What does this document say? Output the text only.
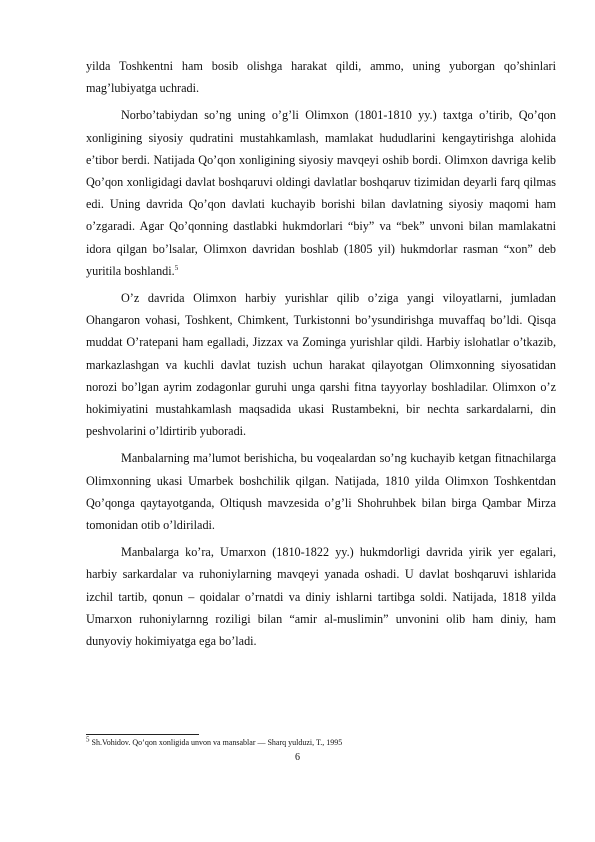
yilda Toshkentni ham bosib olishga harakat qildi, ammo, uning yuborgan qo’shinlari mag’lubiyatga uchradi.

Norbo’tabiydan so’ng uning o’g’li Olimxon (1801-1810 yy.) taxtga o’tirib, Qo’qon xonligining siyosiy qudratini mustahkamlash, mamlakat hududlarini kengaytirishga alohida e’tibor berdi. Natijada Qo’qon xonligining siyosiy mavqeyi oshib bordi. Olimxon davriga kelib Qo’qon xonligidagi davlat boshqaruvi oldingi davlatlar boshqaruv tizimidan deyarli farq qilmas edi. Uning davrida Qo’qon davlati kuchayib borishi bilan davlatning siyosiy maqomi ham o’zgaradi. Agar Qo’qonning dastlabki hukmdorlari “biy” va “bek” unvoni bilan mamlakatni idora qilgan bo’lsalar, Olimxon davridan boshlab (1805 yil) hukmdorlar rasman “xon” deb yuritila boshlandi.$^5$

O’z davrida Olimxon harbiy yurishlar qilib o’ziga yangi viloyatlarni, jumladan Ohangaron vohasi, Toshkent, Chimkent, Turkistonni bo’ysundirishga muvaffaq bo’ldi. Qisqa muddat O’ratepani ham egalladi, Jizzax va Zominga yurishlar qildi. Harbiy islohatlar o’tkazib, markazlashgan va kuchli davlat tuzish uchun harakat qilayotgan Olimxonning siyosatidan norozi bo’lgan ayrim zodagonlar guruhi unga qarshi fitna tayyorlay boshladilar. Olimxon o’z hokimiyatini mustahkamlash maqsadida ukasi Rustambekni, bir nechta sarkardalarni, din peshvolarini o’ldirtirib yuboradi.

Manbalarning ma’lumot berishicha, bu voqealardan so’ng kuchayib ketgan fitnachilarga Olimxonning ukasi Umarbek boshchilik qilgan. Natijada, 1810 yilda Olimxon Toshkentdan Qo’qonga qaytayotganda, Oltiqush mavzesida o’g’li Shohruhbek bilan birga Qambar Mirza tomonidan otib o’ldiriladi.

Manbalarga ko’ra, Umarxon (1810-1822 yy.) hukmdorligi davrida yirik yer egalari, harbiy sarkardalar va ruhoniylarning mavqeyi yanada oshadi. U davlat boshqaruvi ishlarida izchil tartib, qonun – qoidalar o’rnatdi va diniy ishlarni tartibga soldi. Natijada, 1818 yilda Umarxon ruhoniylarnng roziligi bilan “amir al-muslimin” unvonini olib ham diniy, ham dunyoviy hokimiyatga ega bo’ladi.

$^5$ Sh.Vohidov. Qo’qon xonligida unvon va mansablar — Sharq yulduzi, T., 1995
6
